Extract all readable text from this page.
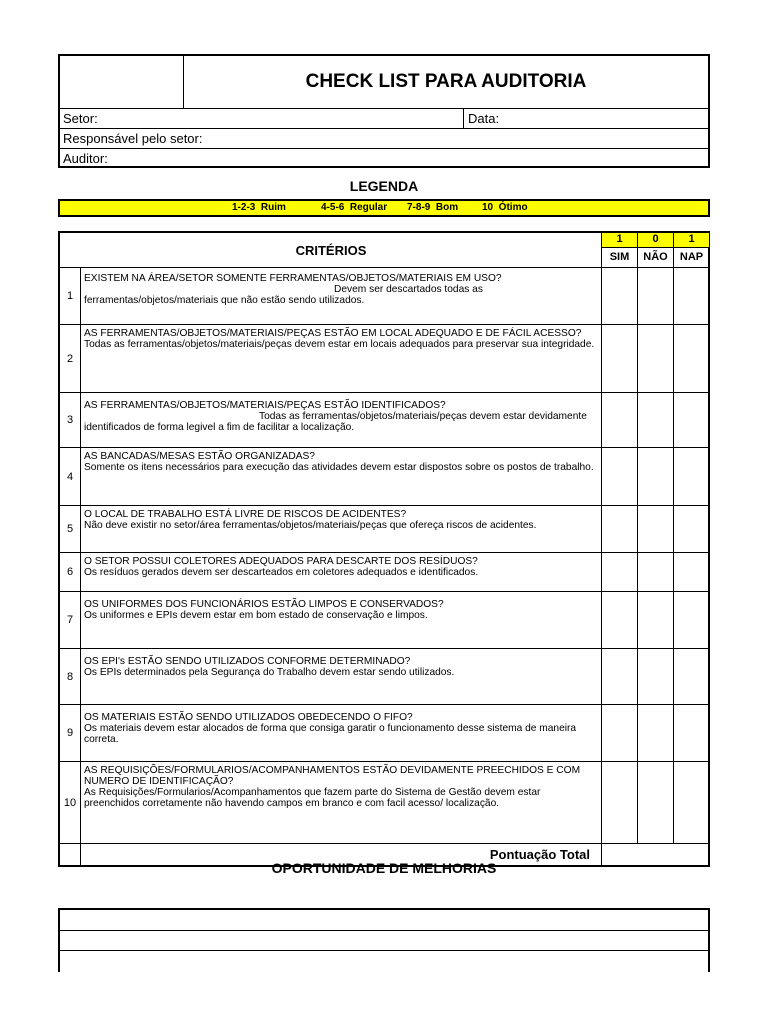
CHECK LIST PARA AUDITORIA
Setor:	Data:
Responsável pelo setor:
Auditor:
LEGENDA
1-2-3  Ruim	4-5-6  Regular 7-8-9  Bom 10  Ótimo
CRITÉRIOS
1	0	1
SIM	NÃO	NAP
1
EXISTEM NA ÁREA/SETOR SOMENTE FERRAMENTAS/OBJETOS/MATERIAIS EM USO?
Devem ser descartados todas as ferramentas/objetos/materiais que não estão sendo utilizados.
2
AS FERRAMENTAS/OBJETOS/MATERIAIS/PEÇAS ESTÃO EM LOCAL ADEQUADO E DE FÁCIL ACESSO?
Todas as ferramentas/objetos/materiais/peças devem estar em locais adequados para preservar sua integridade.
3
AS FERRAMENTAS/OBJETOS/MATERIAIS/PEÇAS ESTÃO IDENTIFICADOS?
Todas as ferramentas/objetos/materiais/peças devem estar devidamente identificados de forma legivel a fim de facilitar a localização.
4
AS BANCADAS/MESAS ESTÃO ORGANIZADAS?
Somente os itens necessários para execução das atividades devem estar dispostos sobre os postos de trabalho.
5
O LOCAL DE TRABALHO ESTÁ LIVRE DE RISCOS DE ACIDENTES?
Não deve existir no setor/área ferramentas/objetos/materiais/peças que ofereça riscos de acidentes.
6
O SETOR POSSUI COLETORES ADEQUADOS PARA DESCARTE DOS RESÍDUOS?
Os resíduos gerados devem ser descarteados em coletores adequados e identificados.
7
OS UNIFORMES DOS FUNCIONÁRIOS ESTÃO LIMPOS E CONSERVADOS?
Os uniformes e EPIs devem estar em bom estado de conservação e limpos.
8
OS EPI's ESTÃO SENDO UTILIZADOS CONFORME DETERMINADO?
Os EPIs determinados pela Segurança do Trabalho devem estar sendo utilizados.
9
OS MATERIAIS ESTÃO SENDO UTILIZADOS OBEDECENDO O FIFO?
Os materiais devem estar alocados de forma que consiga garatir o funcionamento desse sistema de maneira correta.
10
AS REQUISIÇÕES/FORMULARIOS/ACOMPANHAMENTOS ESTÃO DEVIDAMENTE PREECHIDOS E COM NUMERO DE IDENTIFICAÇÃO?
As Requisições/Formularios/Acompanhamentos que fazem parte do Sistema de Gestão devem estar preenchidos corretamente não havendo campos em branco e com facil acesso/ localização.
Pontuação Total
OPORTUNIDADE DE MELHORIAS
